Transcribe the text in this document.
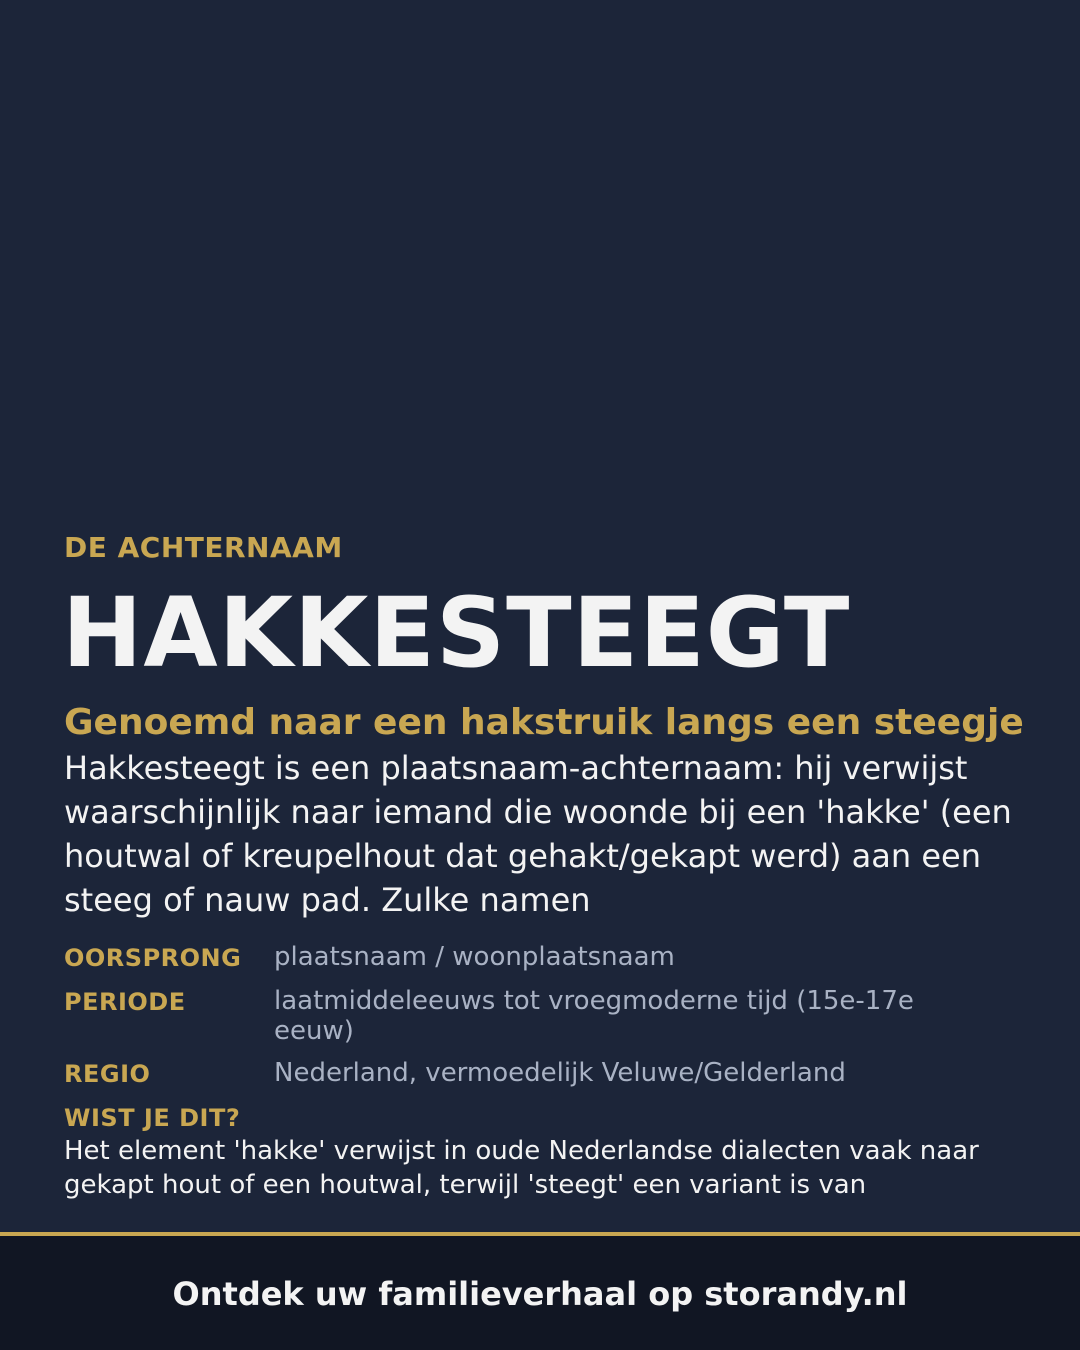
DE ACHTERNAAM

HAKKESTEEGT
Genoemd naar een hakstruik langs een steegje

Hakkesteegt is een plaatsnaam-achternaam: hij verwijst waarschijnlijk naar iemand die woonde bij een 'hakke' (een houtwal of kreupelhout dat gehakt/gekapt werd) aan een steeg of nauw pad. Zulke namen

OORSPRONG	plaatsnaam / woonplaatsnaam
PERIODE	laatmiddeleeuws tot vroegmoderne tijd (15e-17e eeuw)
REGIO	Nederland, vermoedelijk Veluwe/Gelderland
WIST JE DIT?
Het element 'hakke' verwijst in oude Nederlandse dialecten vaak naar gekapt hout of een houtwal, terwijl 'steegt' een variant is van
Ontdek uw familieverhaal op storandy.nl
